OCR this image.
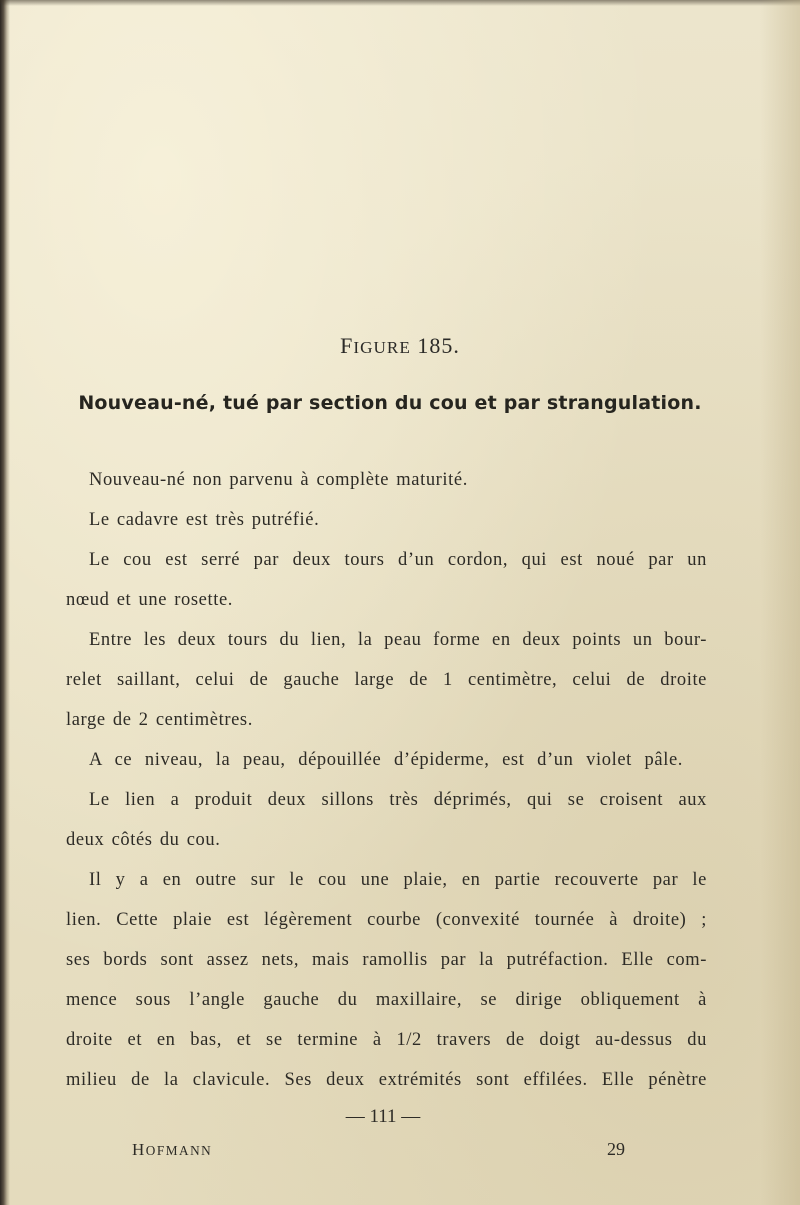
FIGURE 185.
Nouveau-né, tué par section du cou et par strangulation.
Nouveau-né non parvenu à complète maturité.
Le cadavre est très putréfié.
Le cou est serré par deux tours d’un cordon, qui est noué par un
nœud et une rosette.
Entre les deux tours du lien, la peau forme en deux points un bour-
relet saillant, celui de gauche large de 1 centimètre, celui de droite
large de 2 centimètres.
A ce niveau, la peau, dépouillée d’épiderme, est d’un violet pâle.
Le lien a produit deux sillons très déprimés, qui se croisent aux
deux côtés du cou.
Il y a en outre sur le cou une plaie, en partie recouverte par le
lien. Cette plaie est légèrement courbe (convexité tournée à droite) ;
ses bords sont assez nets, mais ramollis par la putréfaction. Elle com-
mence sous l’angle gauche du maxillaire, se dirige obliquement à
droite et en bas, et se termine à 1/2 travers de doigt au-dessus du
milieu de la clavicule. Ses deux extrémités sont effilées. Elle pénètre
— 111 —
HOFMANN	29
